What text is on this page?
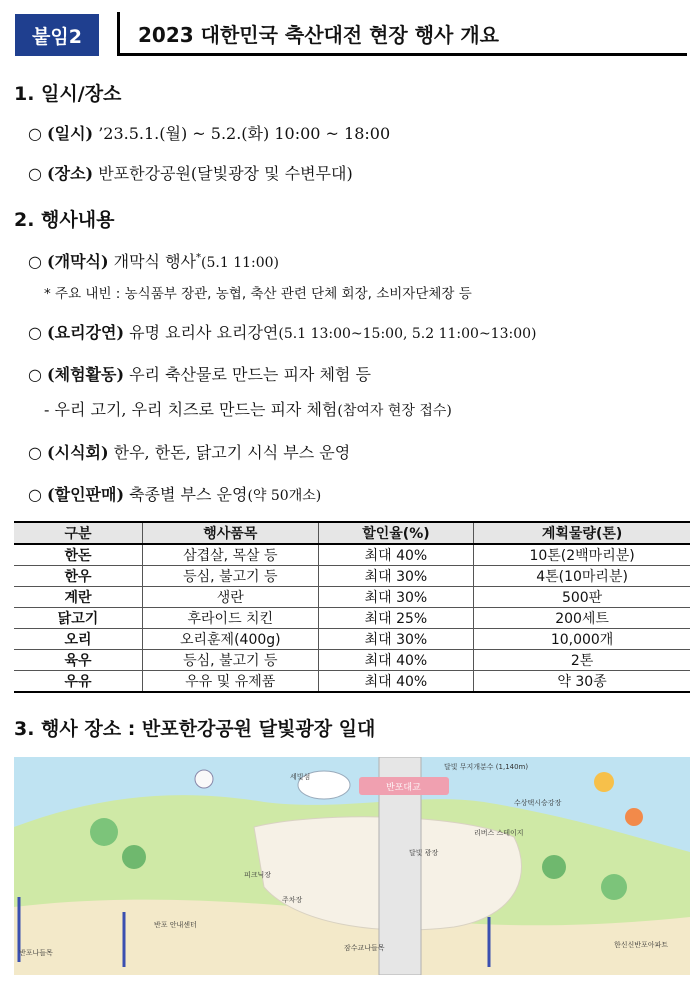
붙임2	2023 대한민국 축산대전 현장 행사 개요
1. 일시/장소
○ (일시) ’23.5.1.(월) ~ 5.2.(화) 10:00 ~ 18:00
○ (장소) 반포한강공원(달빛광장 및 수변무대)
2. 행사내용
○ (개막식) 개막식 행사*(5.1 11:00)
* 주요 내빈 : 농식품부 장관, 농협, 축산 관련 단체 회장, 소비자단체장 등
○ (요리강연) 유명 요리사 요리강연(5.1 13:00~15:00, 5.2 11:00~13:00)
○ (체험활동) 우리 축산물로 만드는 피자 체험 등
- 우리 고기, 우리 치즈로 만드는 피자 체험(참여자 현장 접수)
○ (시식회) 한우, 한돈, 닭고기 시식 부스 운영
○ (할인판매) 축종별 부스 운영(약 50개소)
구분	행사품목	할인율(%)	계획물량(톤)
한돈	삼겹살, 목살 등	최대 40%	10톤(2백마리분)
한우	등심, 불고기 등	최대 30%	4톤(10마리분)
계란	생란	최대 30%	500판
닭고기	후라이드 치킨	최대 25%	200세트
오리	오리훈제(400g)	최대 30%	10,000개
육우	등심, 불고기 등	최대 40%	2톤
우유	우유 및 유제품	최대 40%	약 30종
3. 행사 장소 : 반포한강공원 달빛광장 일대
반포대교
달빛 무지개분수 (1,140m)
수상택시승강장
세빛섬
달빛 광장
리버스 스테이지
피크닉장
주차장
반포 안내센터
한신신반포아파트
반포나들목
잠수교나들목
